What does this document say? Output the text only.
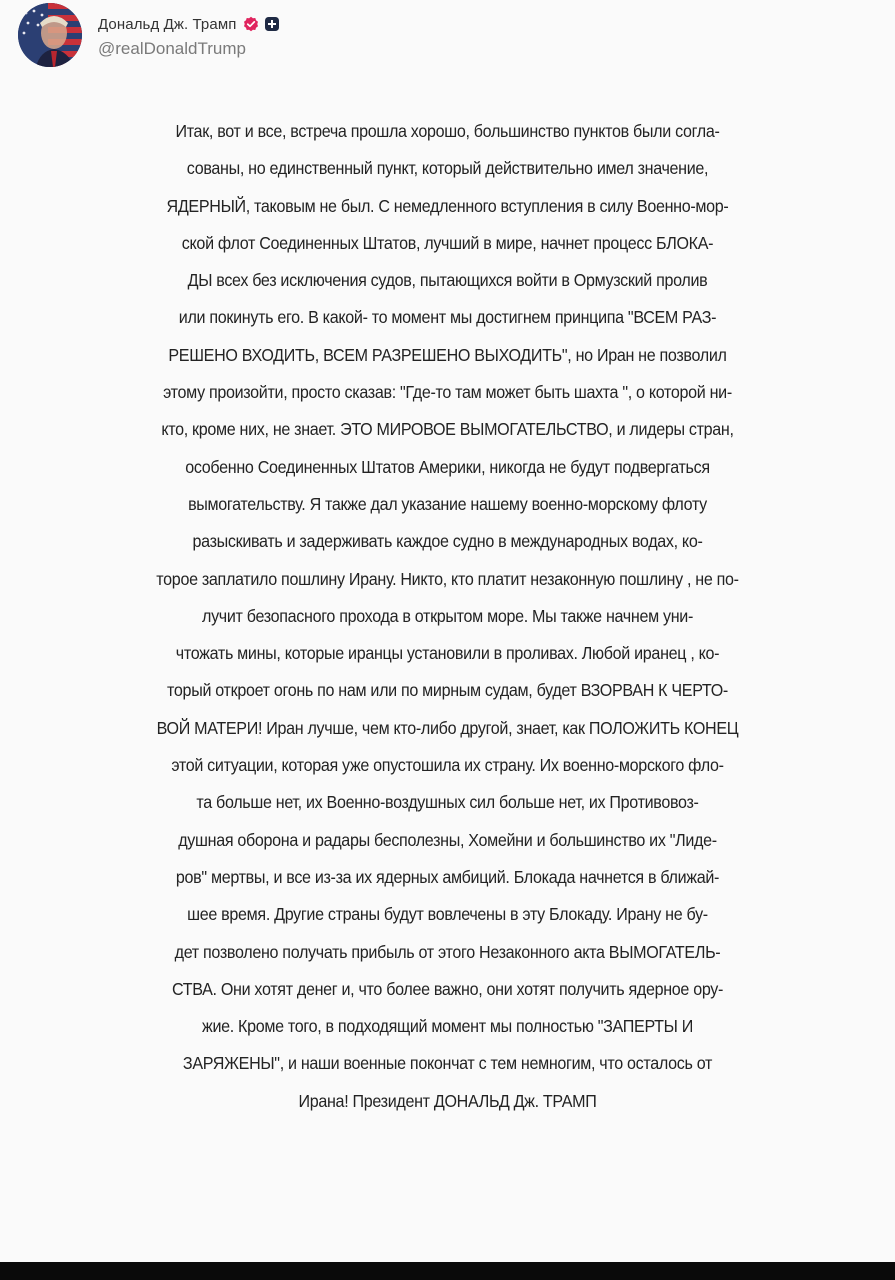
Дональд Дж. Трамп
@realDonaldTrump
Итак, вот и все, встреча прошла хорошо, большинство пунктов были согла-
сованы, но единственный пункт, который действительно имел значение,
ЯДЕРНЫЙ, таковым не был. С немедленного вступления в силу Военно-мор-
ской флот Соединенных Штатов, лучший в мире, начнет процесс БЛОКА-
ДЫ всех без исключения судов, пытающихся войти в Ормузский пролив
или покинуть его. В какой- то момент мы достигнем принципа "ВСЕМ РАЗ-
РЕШЕНО ВХОДИТЬ, ВСЕМ РАЗРЕШЕНО ВЫХОДИТЬ", но Иран не позволил
этому произойти, просто сказав: "Где-то там может быть шахта ", о которой ни-
кто, кроме них, не знает. ЭТО МИРОВОЕ ВЫМОГАТЕЛЬСТВО, и лидеры стран,
особенно Соединенных Штатов Америки, никогда не будут подвергаться
вымогательству. Я также дал указание нашему военно-морскому флоту
разыскивать и задерживать каждое судно в международных водах, ко-
торое заплатило пошлину Ирану. Никто, кто платит незаконную пошлину , не по-
лучит безопасного прохода в открытом море. Мы также начнем уни-
чтожать мины, которые иранцы установили в проливах. Любой иранец , ко-
торый откроет огонь по нам или по мирным судам, будет ВЗОРВАН К ЧЕРТО-
ВОЙ МАТЕРИ! Иран лучше, чем кто-либо другой, знает, как ПОЛОЖИТЬ КОНЕЦ
этой ситуации, которая уже опустошила их страну. Их военно-морского фло-
та больше нет, их Военно-воздушных сил больше нет, их Противовоз-
душная оборона и радары бесполезны, Хомейни и большинство их "Лиде-
ров" мертвы, и все из-за их ядерных амбиций. Блокада начнется в ближай-
шее время. Другие страны будут вовлечены в эту Блокаду. Ирану не бу-
дет позволено получать прибыль от этого Незаконного акта ВЫМОГАТЕЛЬ-
СТВА. Они хотят денег и, что более важно, они хотят получить ядерное ору-
жие. Кроме того, в подходящий момент мы полностью "ЗАПЕРТЫ И
ЗАРЯЖЕНЫ", и наши военные покончат с тем немногим, что осталось от
Ирана! Президент ДОНАЛЬД Дж. ТРАМП
